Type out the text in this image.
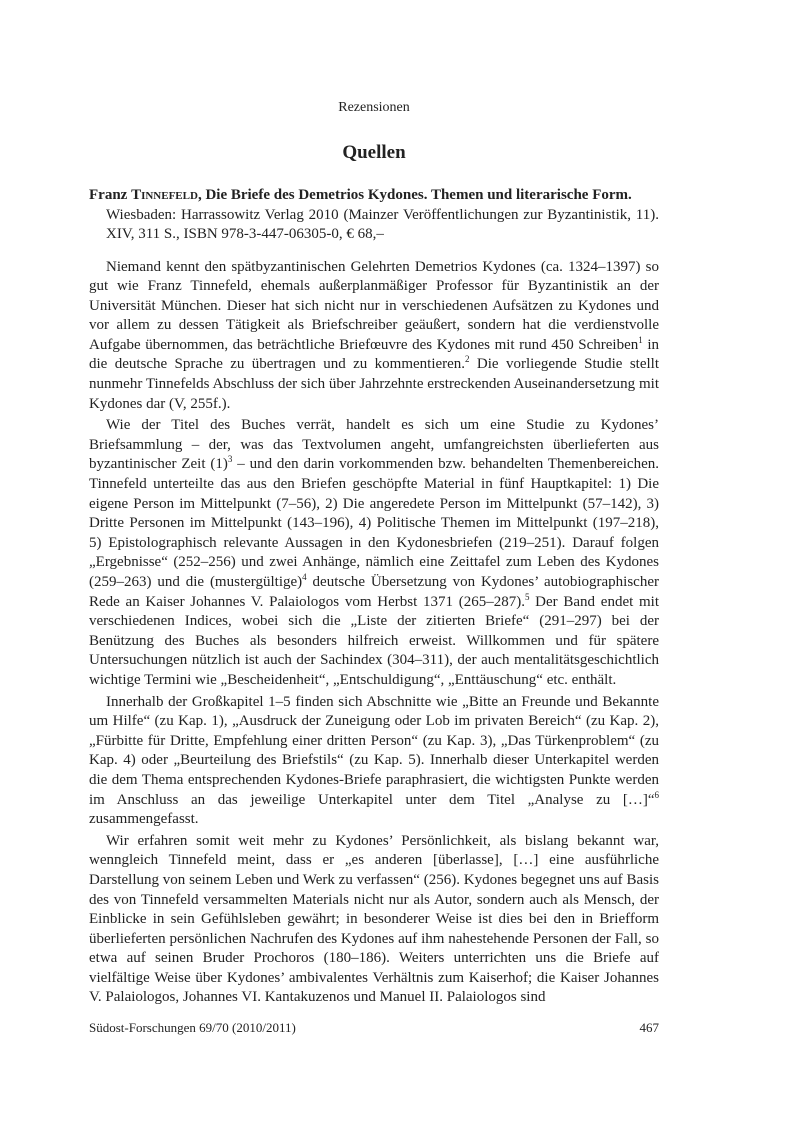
Rezensionen
Quellen
Franz Tinnefeld, Die Briefe des Demetrios Kydones. Themen und literarische Form.
Wiesbaden: Harrassowitz Verlag 2010 (Mainzer Veröffentlichungen zur Byzantinistik, 11). XIV, 311 S., ISBN 978-3-447-06305-0, € 68,–

Niemand kennt den spätbyzantinischen Gelehrten Demetrios Kydones (ca. 1324–1397) so gut wie Franz Tinnefeld, ehemals außerplanmäßiger Professor für Byzantinistik an der Universität München. Dieser hat sich nicht nur in verschiedenen Aufsätzen zu Kydones und vor allem zu dessen Tätigkeit als Briefschreiber geäußert, sondern hat die verdienstvolle Aufgabe übernommen, das beträchtliche Briefœuvre des Kydones mit rund 450 Schreiben$^1$ in die deutsche Sprache zu übertragen und zu kommentieren.$^2$ Die vorliegende Studie stellt nunmehr Tinnefelds Abschluss der sich über Jahrzehnte erstreckenden Auseinandersetzung mit Kydones dar (V, 255f.).

Wie der Titel des Buches verrät, handelt es sich um eine Studie zu Kydones’ Briefsammlung – der, was das Textvolumen angeht, umfangreichsten überlieferten aus byzantinischer Zeit $(1)^3$ – und den darin vorkommenden bzw. behandelten Themenbereichen. Tinnefeld unterteilte das aus den Briefen geschöpfte Material in fünf Hauptkapitel: 1) Die eigene Person im Mittelpunkt (7–56), 2) Die angeredete Person im Mittelpunkt (57–142), 3) Dritte Personen im Mittelpunkt (143–196), 4) Politische Themen im Mittelpunkt (197–218), 5) Epistolographisch relevante Aussagen in den Kydonesbriefen (219–251). Darauf folgen „Ergebnisse“ (252–256) und zwei Anhänge, nämlich eine Zeittafel zum Leben des Kydones (259–263) und die (mustergültige)$^4$ deutsche Übersetzung von Kydones’ autobiographischer Rede an Kaiser Johannes V. Palaiologos vom Herbst 1371 (265–287).$^5$ Der Band endet mit verschiedenen Indices, wobei sich die „Liste der zitierten Briefe“ (291–297) bei der Benützung des Buches als besonders hilfreich erweist. Willkommen und für spätere Untersuchungen nützlich ist auch der Sachindex (304–311), der auch mentalitätsgeschichtlich wichtige Termini wie „Bescheidenheit“, „Entschuldigung“, „Enttäuschung“ etc. enthält.

Innerhalb der Großkapitel 1–5 finden sich Abschnitte wie „Bitte an Freunde und Bekannte um Hilfe“ (zu Kap. 1), „Ausdruck der Zuneigung oder Lob im privaten Bereich“ (zu Kap. 2), „Fürbitte für Dritte, Empfehlung einer dritten Person“ (zu Kap. 3), „Das Türkenproblem“ (zu Kap. 4) oder „Beurteilung des Briefstils“ (zu Kap. 5). Innerhalb dieser Unterkapitel werden die dem Thema entsprechenden Kydones-Briefe paraphrasiert, die wichtigsten Punkte werden im Anschluss an das jeweilige Unterkapitel unter dem Titel „Analyse zu […]“$^6$ zusammengefasst.

Wir erfahren somit weit mehr zu Kydones’ Persönlichkeit, als bislang bekannt war, wenngleich Tinnefeld meint, dass er „es anderen [überlasse], […] eine ausführliche Darstellung von seinem Leben und Werk zu verfassen“ (256). Kydones begegnet uns auf Basis des von Tinnefeld versammelten Materials nicht nur als Autor, sondern auch als Mensch, der Einblicke in sein Gefühlsleben gewährt; in besonderer Weise ist dies bei den in Briefform überlieferten persönlichen Nachrufen des Kydones auf ihm nahestehende Personen der Fall, so etwa auf seinen Bruder Prochoros (180–186). Weiters unterrichten uns die Briefe auf vielfältige Weise über Kydones’ ambivalentes Verhältnis zum Kaiserhof; die Kaiser Johannes V. Palaiologos, Johannes VI. Kantakuzenos und Manuel II. Palaiologos sind

Südost-Forschungen 69/70 (2010/2011)	467
